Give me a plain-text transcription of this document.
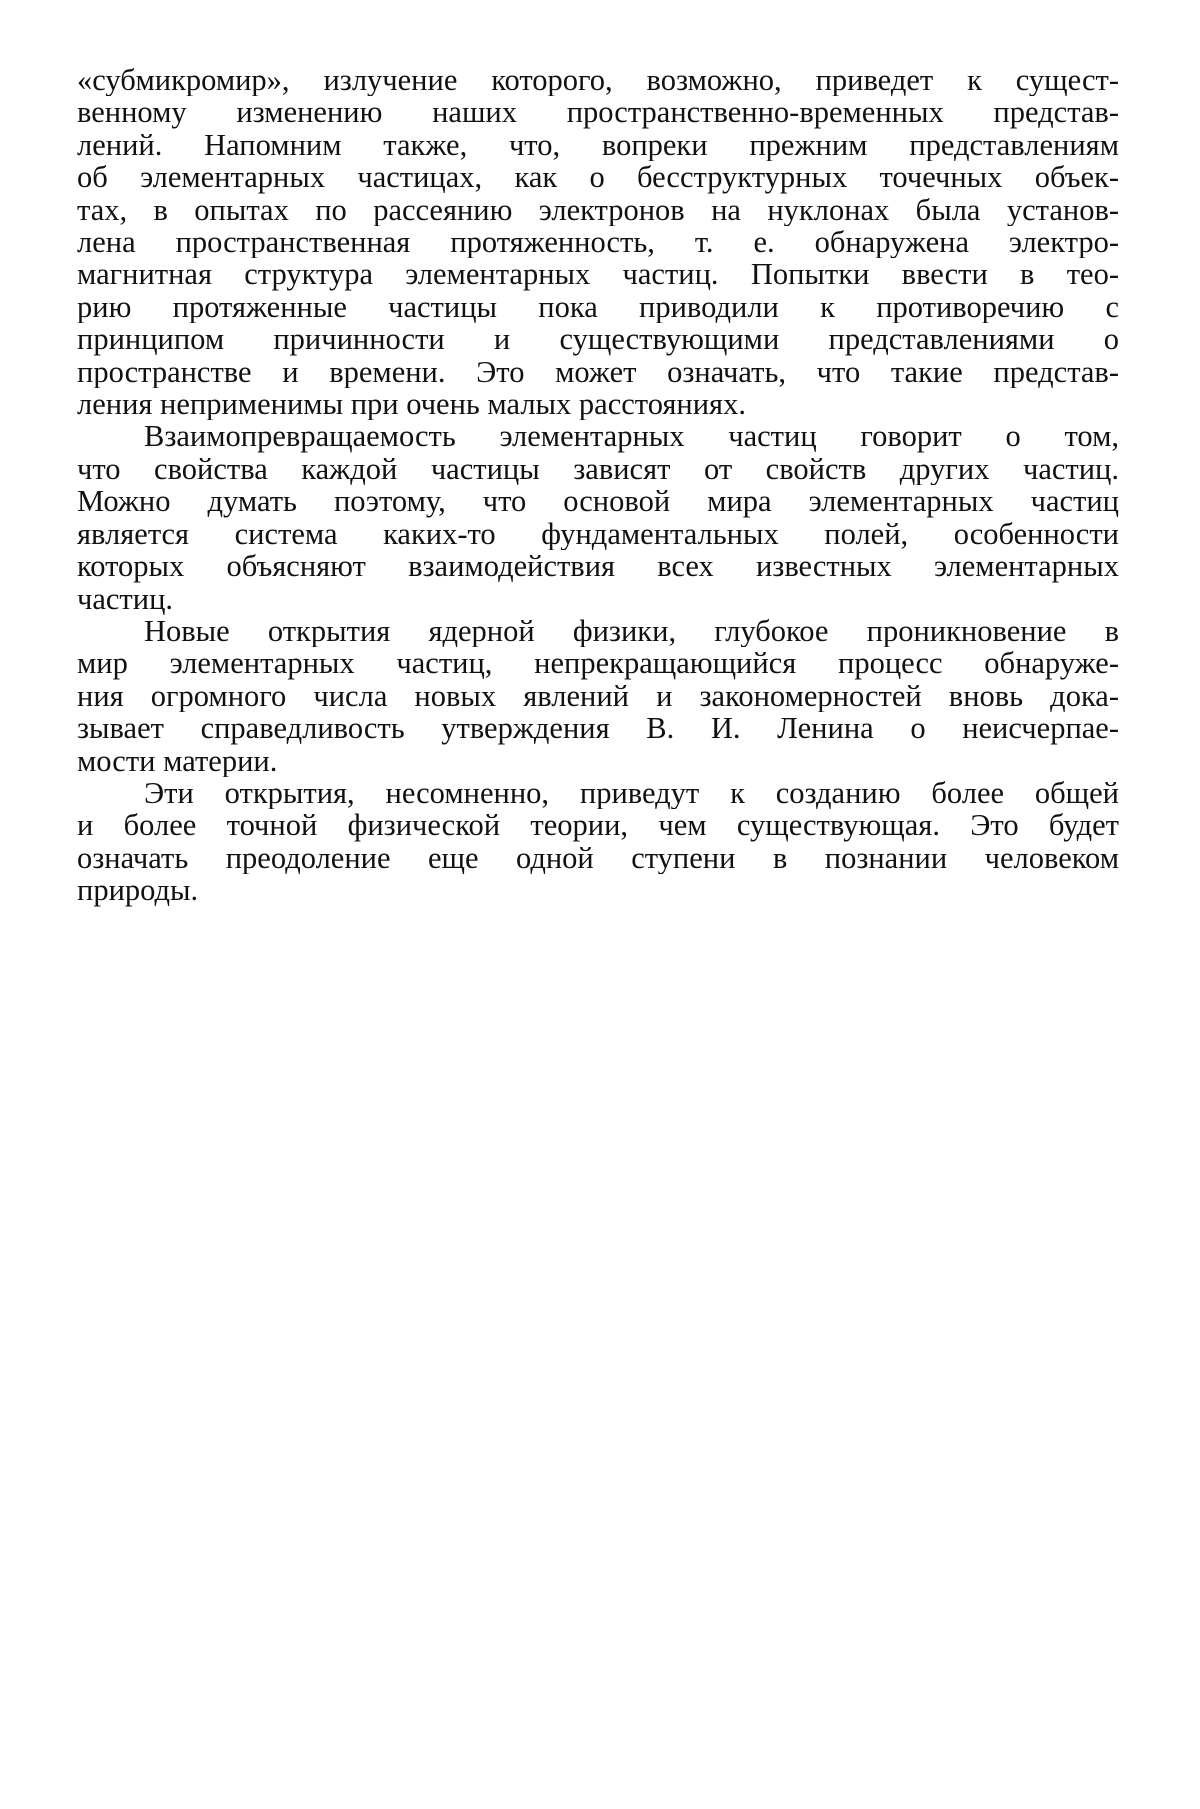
«субмикромир», излучение которого, возможно, приведет к сущест-
венному изменению наших пространственно-временных представ-
лений. Напомним также, что, вопреки прежним представлениям
об элементарных частицах, как о бесструктурных точечных объек-
тах, в опытах по рассеянию электронов на нуклонах была установ-
лена пространственная протяженность, т. е. обнаружена электро-
магнитная структура элементарных частиц. Попытки ввести в тео-
рию протяженные частицы пока приводили к противоречию с
принципом причинности и существующими представлениями о
пространстве и времени. Это может означать, что такие представ-
ления неприменимы при очень малых расстояниях.
Взаимопревращаемость элементарных частиц говорит о том,
что свойства каждой частицы зависят от свойств других частиц.
Можно думать поэтому, что основой мира элементарных частиц
является система каких-то фундаментальных полей, особенности
которых объясняют взаимодействия всех известных элементарных
частиц.
Новые открытия ядерной физики, глубокое проникновение в
мир элементарных частиц, непрекращающийся процесс обнаруже-
ния огромного числа новых явлений и закономерностей вновь дока-
зывает справедливость утверждения В. И. Ленина о неисчерпае-
мости материи.
Эти открытия, несомненно, приведут к созданию более общей
и более точной физической теории, чем существующая. Это будет
означать преодоление еще одной ступени в познании человеком
природы.
